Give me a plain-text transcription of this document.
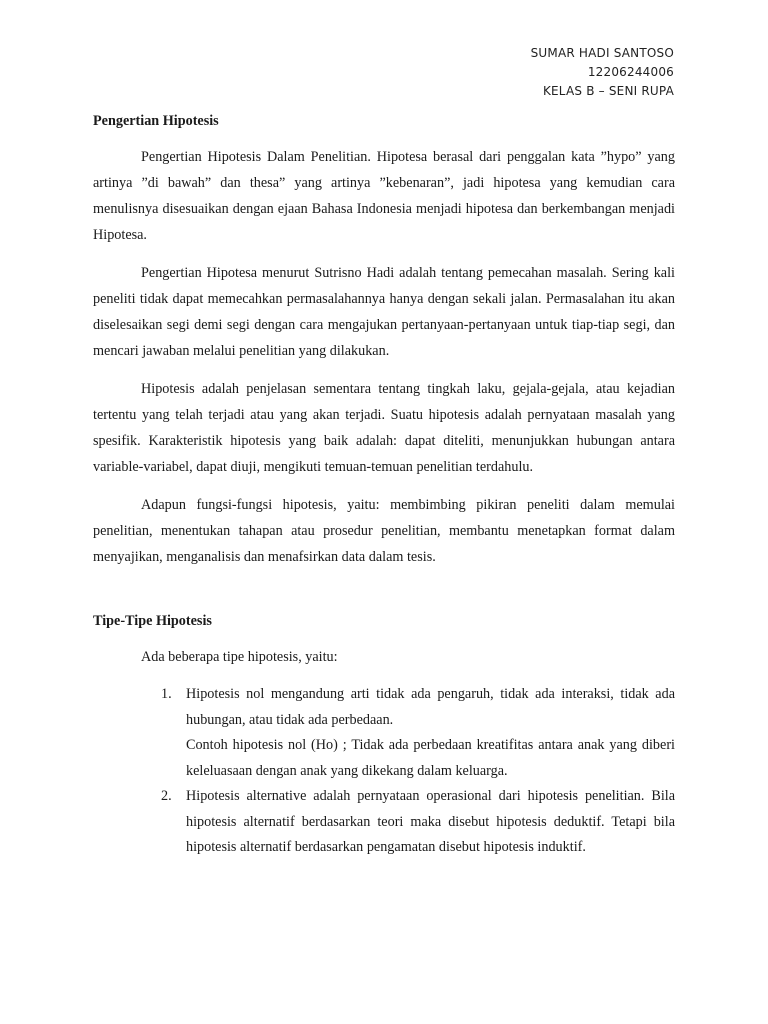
SUMAR HADI SANTOSO
12206244006
KELAS B – SENI RUPA
Pengertian Hipotesis

Pengertian Hipotesis Dalam Penelitian. Hipotesa berasal dari penggalan kata ”hypo” yang artinya ”di bawah” dan thesa” yang artinya ”kebenaran”, jadi hipotesa yang kemudian cara menulisnya disesuaikan dengan ejaan Bahasa Indonesia menjadi hipotesa dan berkembangan menjadi Hipotesa.

Pengertian Hipotesa menurut Sutrisno Hadi adalah tentang pemecahan masalah. Sering kali peneliti tidak dapat memecahkan permasalahannya hanya dengan sekali jalan. Permasalahan itu akan diselesaikan segi demi segi dengan cara mengajukan pertanyaan-pertanyaan untuk tiap-tiap segi, dan mencari jawaban melalui penelitian yang dilakukan.

Hipotesis adalah penjelasan sementara tentang tingkah laku, gejala-gejala, atau kejadian tertentu yang telah terjadi atau yang akan terjadi. Suatu hipotesis adalah pernyataan masalah yang spesifik. Karakteristik hipotesis yang baik adalah: dapat diteliti, menunjukkan hubungan antara variable-variabel, dapat diuji, mengikuti temuan-temuan penelitian terdahulu.

Adapun fungsi-fungsi hipotesis, yaitu: membimbing pikiran peneliti dalam memulai penelitian, menentukan tahapan atau prosedur penelitian, membantu menetapkan format dalam menyajikan, menganalisis dan menafsirkan data dalam tesis.

Tipe-Tipe Hipotesis
Ada beberapa tipe hipotesis, yaitu:
1. Hipotesis nol mengandung arti tidak ada pengaruh, tidak ada interaksi, tidak ada hubungan, atau tidak ada perbedaan.
Contoh hipotesis nol (Ho) ; Tidak ada perbedaan kreatifitas antara anak yang diberi keleluasaan dengan anak yang dikekang dalam keluarga.
2. Hipotesis alternative adalah pernyataan operasional dari hipotesis penelitian. Bila hipotesis alternatif berdasarkan teori maka disebut hipotesis deduktif. Tetapi bila hipotesis alternatif berdasarkan pengamatan disebut hipotesis induktif.
